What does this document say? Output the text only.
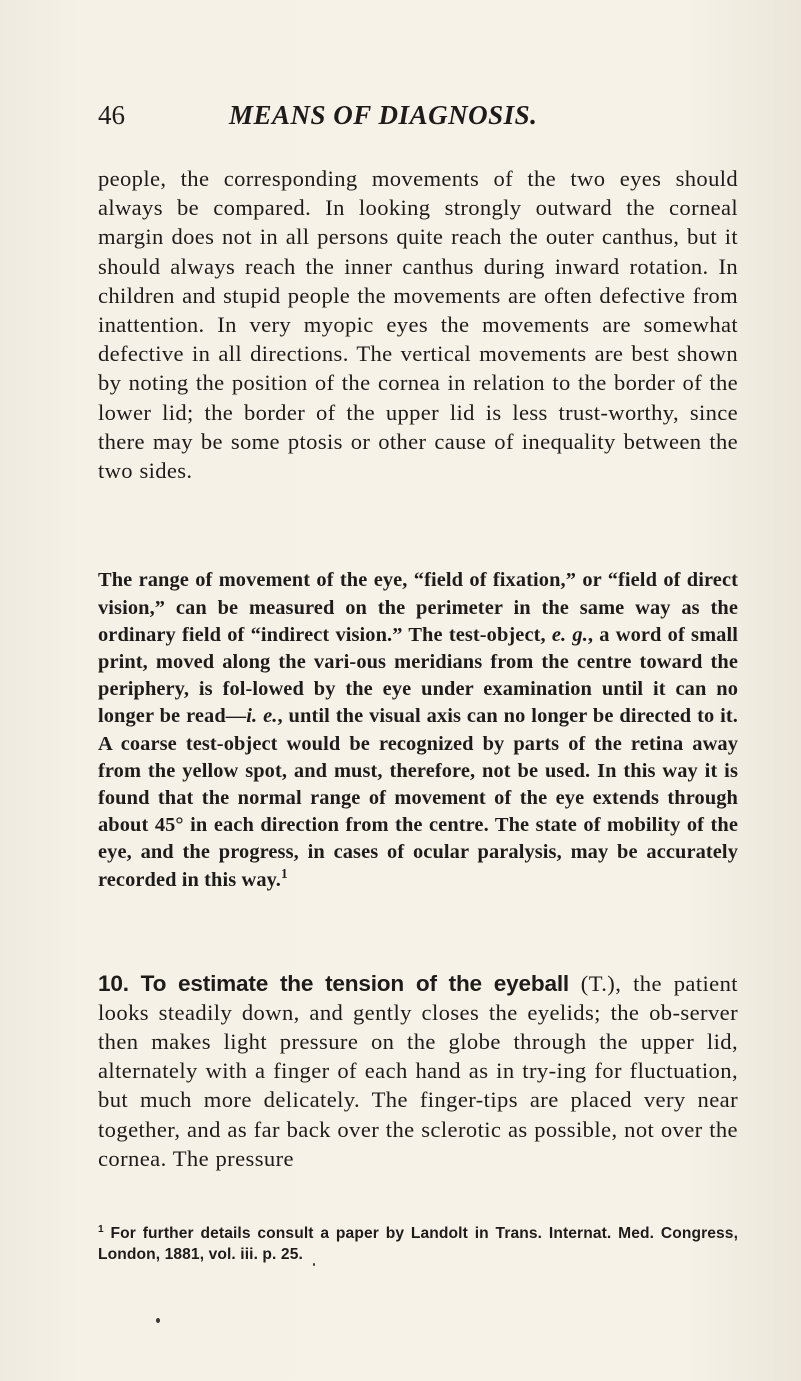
46	MEANS OF DIAGNOSIS.

people, the corresponding movements of the two eyes should always be compared. In looking strongly outward the corneal margin does not in all persons quite reach the outer canthus, but it should always reach the inner canthus during inward rotation. In children and stupid people the movements are often defective from inattention. In very myopic eyes the movements are somewhat defective in all directions. The vertical movements are best shown by noting the position of the cornea in relation to the border of the lower lid; the border of the upper lid is less trust-worthy, since there may be some ptosis or other cause of inequality between the two sides.

The range of movement of the eye, “field of fixation,” or “field of direct vision,” can be measured on the perimeter in the same way as the ordinary field of “indirect vision.” The test-object, e. g., a word of small print, moved along the vari-ous meridians from the centre toward the periphery, is fol-lowed by the eye under examination until it can no longer be read—i. e., until the visual axis can no longer be directed to it. A coarse test-object would be recognized by parts of the retina away from the yellow spot, and must, therefore, not be used. In this way it is found that the normal range of movement of the eye extends through about 45° in each direction from the centre. The state of mobility of the eye, and the progress, in cases of ocular paralysis, may be accurately recorded in this way.$^1$

10. To estimate the tension of the eyeball (T.), the patient looks steadily down, and gently closes the eyelids; the ob-server then makes light pressure on the globe through the upper lid, alternately with a finger of each hand as in try-ing for fluctuation, but much more delicately. The finger-tips are placed very near together, and as far back over the sclerotic as possible, not over the cornea. The pressure

$^1$ For further details consult a paper by Landolt in Trans. Internat. Med. Congress, London, 1881, vol. iii. p. 25.
